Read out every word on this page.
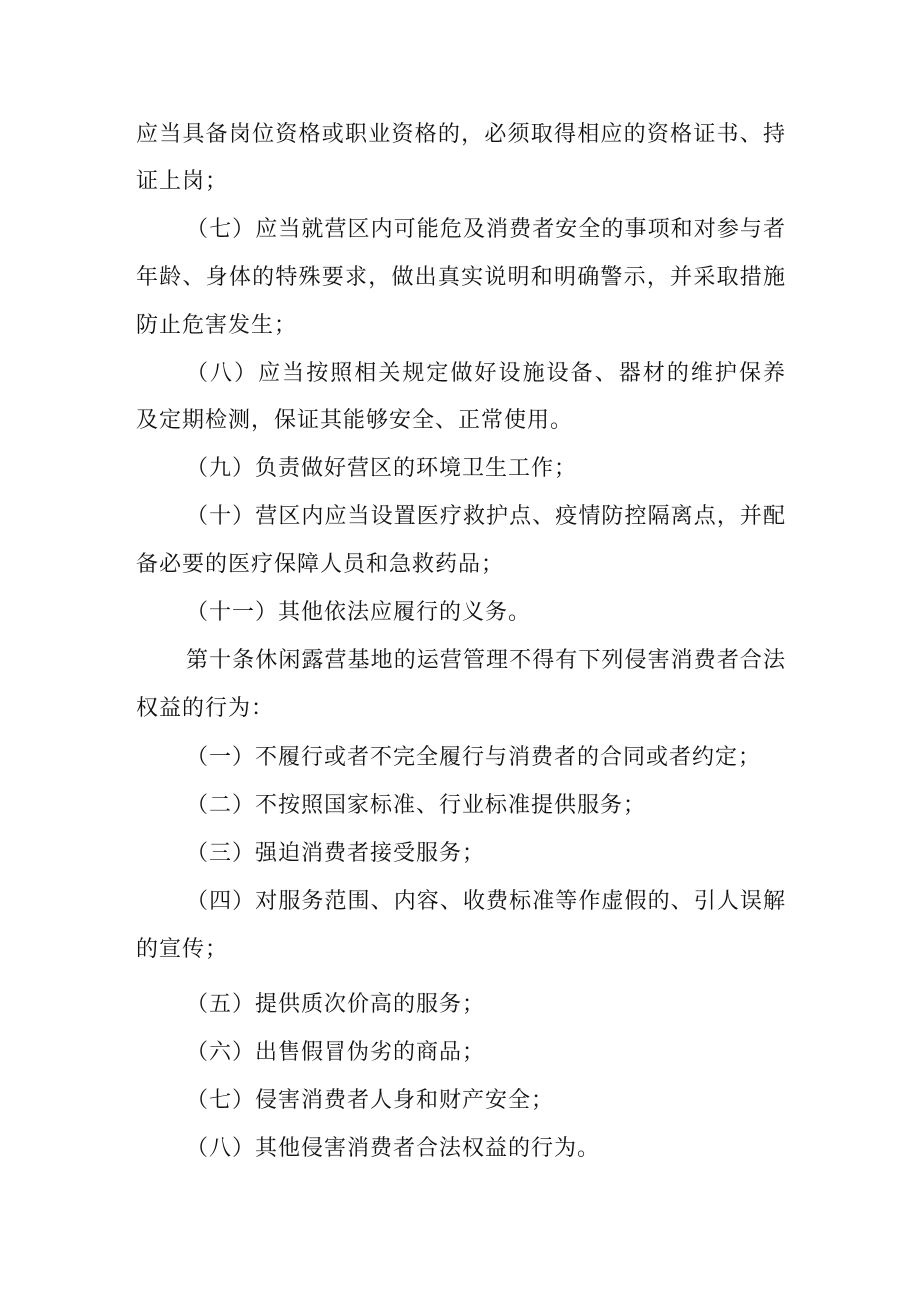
应当具备岗位资格或职业资格的，必须取得相应的资格证书、持
证上岗；
（七）应当就营区内可能危及消费者安全的事项和对参与者
年龄、身体的特殊要求，做出真实说明和明确警示，并采取措施
防止危害发生；
（八）应当按照相关规定做好设施设备、器材的维护保养
及定期检测，保证其能够安全、正常使用。
（九）负责做好营区的环境卫生工作；
（十）营区内应当设置医疗救护点、疫情防控隔离点，并配
备必要的医疗保障人员和急救药品；
（十一）其他依法应履行的义务。
第十条休闲露营基地的运营管理不得有下列侵害消费者合法
权益的行为：
（一）不履行或者不完全履行与消费者的合同或者约定；
（二）不按照国家标准、行业标准提供服务；
（三）强迫消费者接受服务；
（四）对服务范围、内容、收费标准等作虚假的、引人误解
的宣传；
（五）提供质次价高的服务；
（六）出售假冒伪劣的商品；
（七）侵害消费者人身和财产安全；
（八）其他侵害消费者合法权益的行为。
